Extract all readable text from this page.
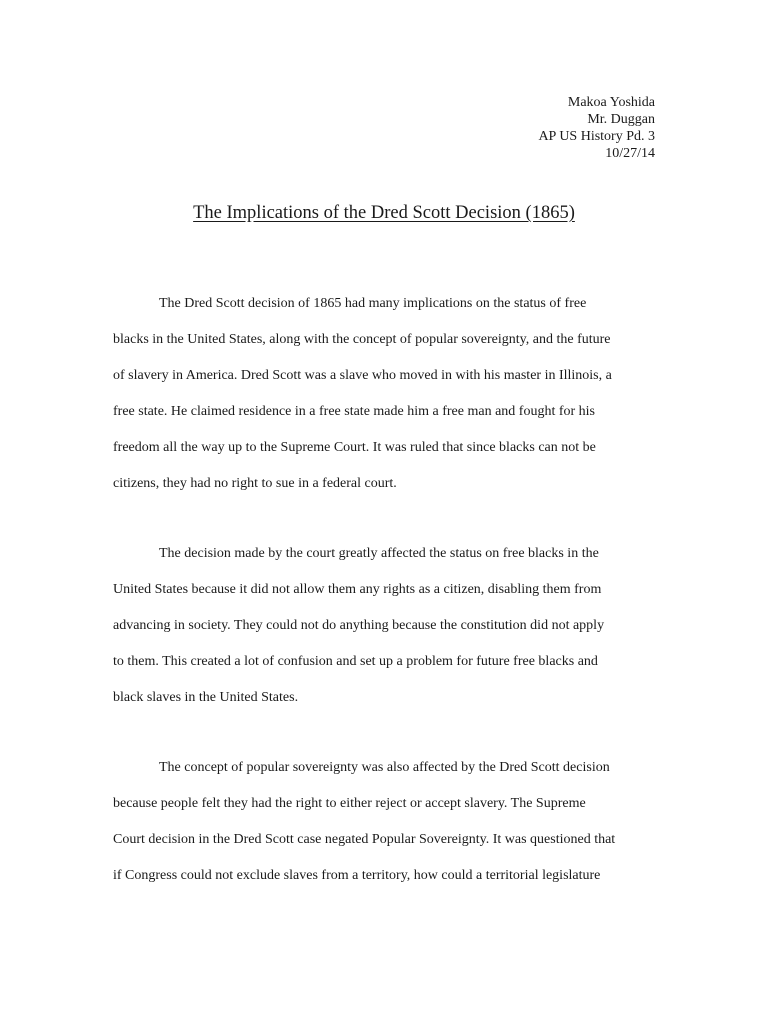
Makoa Yoshida
Mr. Duggan
AP US History Pd. 3
10/27/14
The Implications of the Dred Scott Decision (1865)
The Dred Scott decision of 1865 had many implications on the status of free
blacks in the United States, along with the concept of popular sovereignty, and the future
of slavery in America. Dred Scott was a slave who moved in with his master in Illinois, a
free state. He claimed residence in a free state made him a free man and fought for his
freedom all the way up to the Supreme Court. It was ruled that since blacks can not be
citizens, they had no right to sue in a federal court.
The decision made by the court greatly affected the status on free blacks in the
United States because it did not allow them any rights as a citizen, disabling them from
advancing in society. They could not do anything because the constitution did not apply
to them. This created a lot of confusion and set up a problem for future free blacks and
black slaves in the United States.
The concept of popular sovereignty was also affected by the Dred Scott decision
because people felt they had the right to either reject or accept slavery. The Supreme
Court decision in the Dred Scott case negated Popular Sovereignty. It was questioned that
if Congress could not exclude slaves from a territory, how could a territorial legislature
